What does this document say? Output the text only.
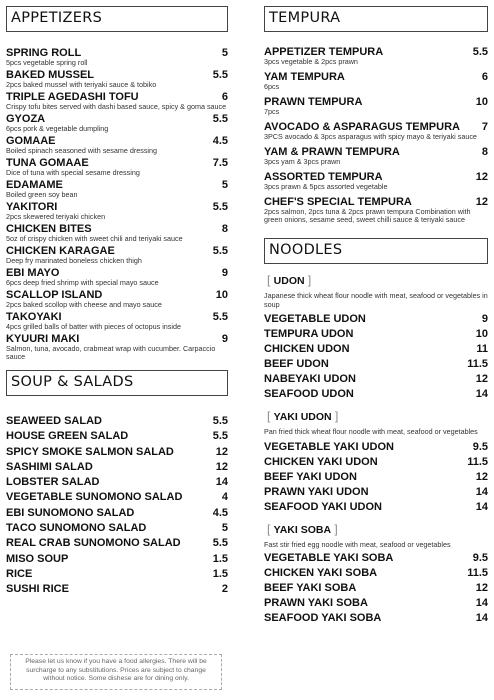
APPETIZERS
SPRING ROLL	5
5pcs vegetable spring roll
BAKED MUSSEL	5.5
2pcs baked mussel with teriyaki sauce & tobiko
TRIPLE AGEDASHI TOFU	6
Crispy tofu bites served with dashi based sauce, spicy & goma sauce
GYOZA	5.5
6pcs pork & vegetable dumpling
GOMAAE	4.5
Boiled spinach seasoned with sesame dressing
TUNA GOMAAE	7.5
Dice of tuna with special sesame dressing
EDAMAME	5
Boiled green soy bean
YAKITORI	5.5
2pcs skewered teriyaki chicken
CHICKEN BITES	8
5oz of crispy chicken with sweet chili and teriyaki sauce
CHICKEN KARAGAE	5.5
Deep fry marinated boneless chicken thigh
EBI MAYO	9
6pcs deep fried shrimp with special mayo sauce
SCALLOP ISLAND	10
2pcs baked scollop with cheese and mayo sauce
TAKOYAKI	5.5
4pcs grilled balls of batter with pieces of octopus inside
KYUURI MAKI	9
Salmon, tuna, avocado, crabmeat wrap with cucumber. Carpaccio sauce
SOUP & SALADS
SEAWEED SALAD	5.5
HOUSE GREEN SALAD	5.5
SPICY SMOKE SALMON SALAD	12
SASHIMI SALAD	12
LOBSTER SALAD	14
VEGETABLE SUNOMONO SALAD	4
EBI SUNOMONO SALAD	4.5
TACO SUNOMONO SALAD	5
REAL CRAB SUNOMONO SALAD	5.5
MISO SOUP	1.5
RICE	1.5
SUSHI RICE	2
Please let us know if you have a food allergies. There will be surcharge to any substitutions. Prices are subject to change without notice. Some dishese are for dining only.
TEMPURA
APPETIZER TEMPURA	5.5
3pcs vegetable & 2pcs prawn
YAM TEMPURA	6
6pcs
PRAWN TEMPURA	10
7pcs
AVOCADO & ASPARAGUS TEMPURA 7
3PCS avocado & 3pcs asparagus with spicy mayo & teriyaki sauce
YAM & PRAWN TEMPURA	8
3pcs yam & 3pcs prawn
ASSORTED TEMPURA	12
3pcs prawn & 5pcs assorted vegetable
CHEF'S SPECIAL TEMPURA	12
2pcs salmon, 2pcs tuna & 2pcs prawn tempura Combination with green onions, sesame seed, sweet chilli sauce & teriyaki sauce
NOODLES
[ UDON ]
Japanese thick wheat flour noodle with meat, seafood or vegetables in soup
VEGETABLE UDON	9
TEMPURA UDON	10
CHICKEN UDON	11
BEEF UDON	11.5
NABEYAKI UDON	12
SEAFOOD UDON	14
[ YAKI UDON ]
Pan fried thick wheat flour noodle with meat, seafood or vegetables
VEGETABLE YAKI UDON	9.5
CHICKEN YAKI UDON	11.5
BEEF YAKI UDON	12
PRAWN YAKI UDON	14
SEAFOOD YAKI UDON	14
[ YAKI SOBA ]
Fast stir fried egg noodle with meat, seafood or vegetables
VEGETABLE YAKI SOBA	9.5
CHICKEN YAKI SOBA	11.5
BEEF YAKI SOBA	12
PRAWN YAKI SOBA	14
SEAFOOD YAKI SOBA	14
